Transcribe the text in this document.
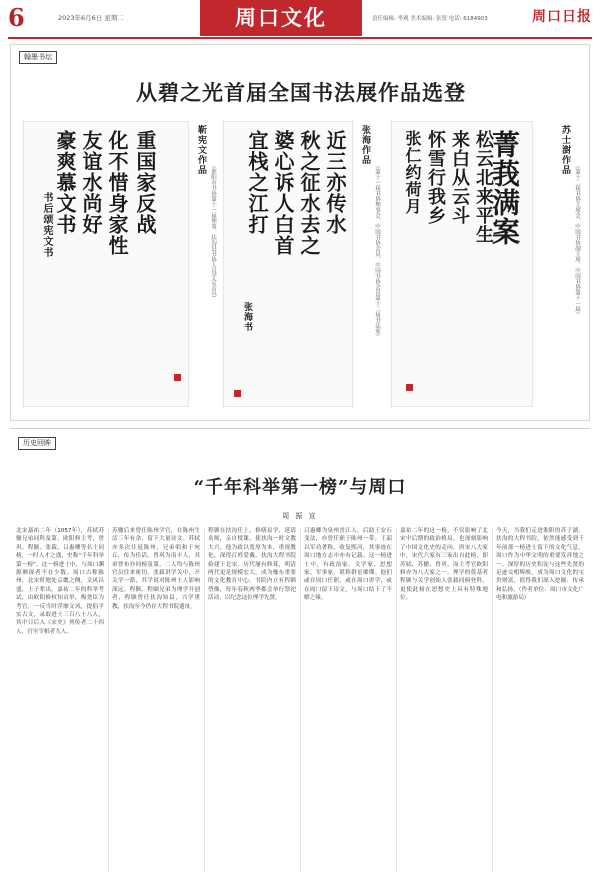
6	2023年6月6日 星期二	周口文化	责任编辑: 李观 美术编辑: 张贺 电话: 6184903	周口日报
翰墨书坛
从碧之光首届全国书法展作品选登
书后颂宪文书 豪爽慕文书 友谊水尚好 化不惜身家性 重国家反战	靳宪文作品
（淮阳市书协第十一届理事、扶沟县书协人员学会会员）
张海书
宜栈之江打 婆心诉人白首 秋之征水去之 近三亦传水	张海作品
（第十一届书协理事会、中国书协会员、中国书协会员第十二届书法家）	张仁约荷月 怀雪行我乡 来白从云斗 松云北来平生
菁莪满案	苏士澍作品
（第十二届书协主席会、中国书协副主席、中国书协第十一届）
历史回眸
“千年科举第一榜”与周口
周 振 宣
北宋嘉祐二年（1057年），苏轼苏辙兄弟同科及第，欧阳修主考，曾巩、程颢、张载、吕惠卿等名士同榜，一时人才之盛，史称“千年科举第一榜”。这一榜进士中，与周口渊源颇深者不在少数。周口古称陈州，北宋时地处京畿之侧，文风昌盛，士子辈出。嘉祐二年的科举考试，由欧阳修权知贡举，梅尧臣为考官，一反当时浮靡文风，提倡平实古文，录取进士三百八十八人，其中日后入《宋史》列传者二十四人，官至宰相者九人。
苏辙后来曾任陈州学官，在陈州生活三年有余，留下大量诗文。苏轼亦多次往返陈州，兄弟唱和于宛丘，传为佳话。曾巩为南丰人，其弟曾布亦同榜及第，二人均与陈州官员往来密切。张载讲学关中，开关学一派，其学说对陈州士人影响深远。程颢、程颐兄弟为理学开创者，程颢曾任扶沟知县，兴学重教，扶沟至今仍存大程书院遗址。
程颢在扶沟任上，修缮县学，延请名师，亲自授课，使扶沟一时文教大兴。他为政以宽厚为本，重视教化，深得百姓爱戴。扶沟大程书院始建于北宋，历代屡有修葺，明清两代更是规模宏大，成为豫东重要的文化教育中心。书院内立有程颢塑像，每年春秋两季都会举行祭祀活动，以纪念这位理学先贤。
吕惠卿为泉州晋江人，后助王安石变法，亦曾任职于陈州一带。王韶以军功著称，收复熙河，其事迹在周口地方志中亦有记载。这一榜进士中，有政治家、文学家、思想家、军事家，堪称群星璀璨。他们或在周口任职，或在周口讲学，或在周口留下诗文，与周口结下了不解之缘。
嘉祐二年的这一榜，不仅影响了北宋中后期的政治格局，也深刻影响了中国文化史的走向。唐宋八大家中，宋代六家有三家出自此榜，即苏轼、苏辙、曾巩，而主考官欧阳修亦为八大家之一。理学的奠基者程颢与关学创始人张载同榜登科，更使此榜在思想史上具有特殊地位。
今天，当我们走进淮阳的苏子湖、扶沟的大程书院，依然能感受到千年前那一榜进士留下的文化气息。周口作为中华文明的重要发祥地之一，深厚的历史积淀与这些先贤的足迹交相辉映，成为周口文化的宝贵财富，值得我们深入挖掘、传承和弘扬。（作者单位：周口市文化广电和旅游局）
